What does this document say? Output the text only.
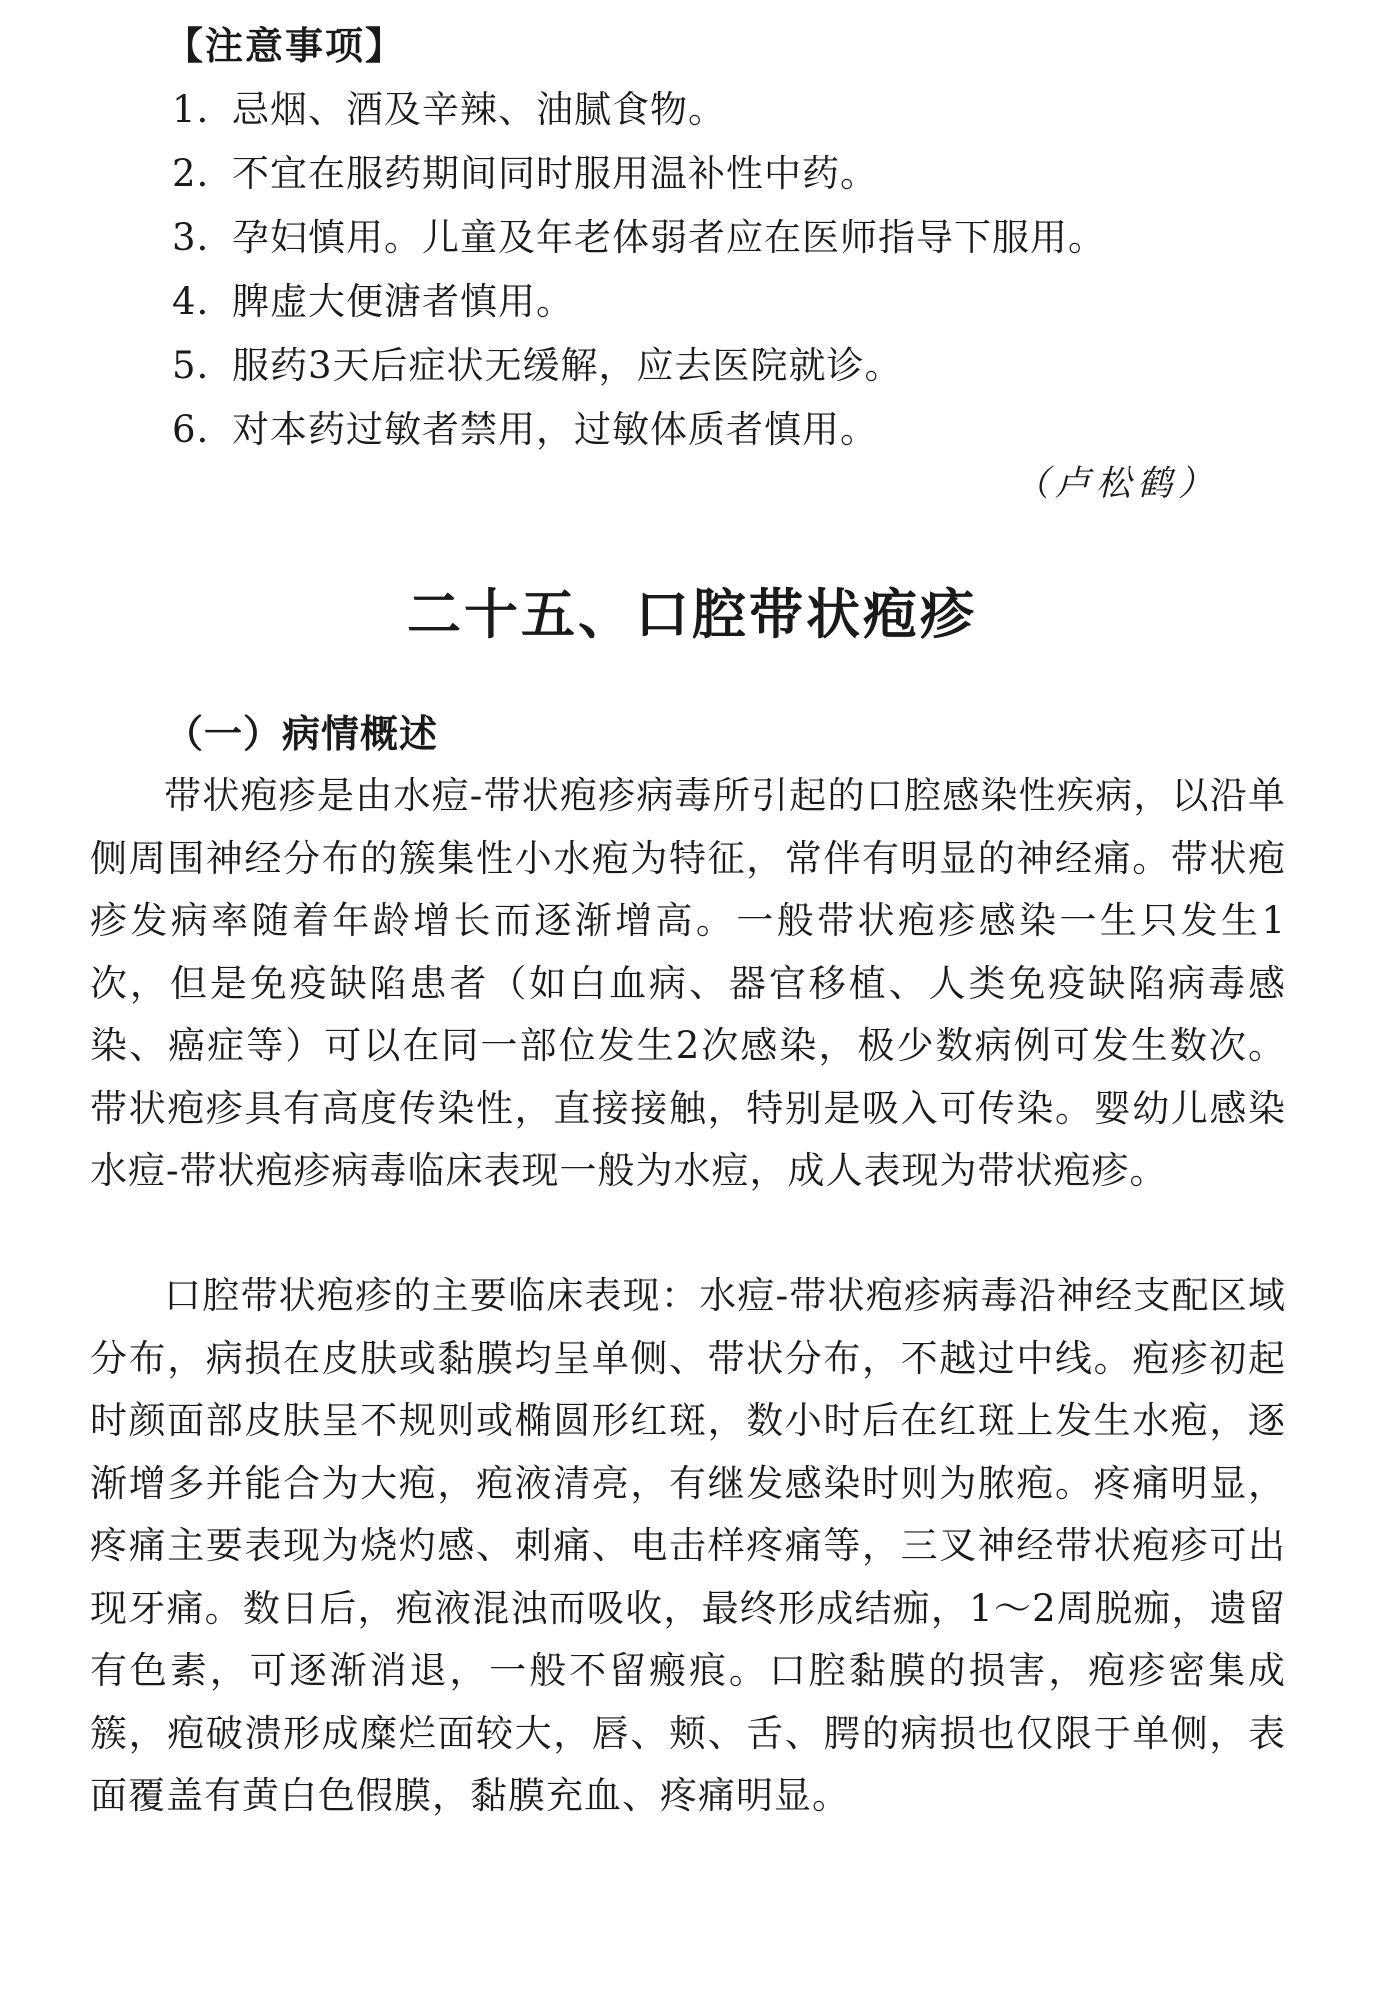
【注意事项】
1. 忌烟、酒及辛辣、油腻食物。
2. 不宜在服药期间同时服用温补性中药。
3. 孕妇慎用。儿童及年老体弱者应在医师指导下服用。
4. 脾虚大便溏者慎用。
5. 服药3天后症状无缓解，应去医院就诊。
6. 对本药过敏者禁用，过敏体质者慎用。
（卢松鹤）
二十五、口腔带状疱疹
（一）病情概述

带状疱疹是由水痘-带状疱疹病毒所引起的口腔感染性疾病，以沿单侧周围神经分布的簇集性小水疱为特征，常伴有明显的神经痛。带状疱疹发病率随着年龄增长而逐渐增高。一般带状疱疹感染一生只发生1次，但是免疫缺陷患者（如白血病、器官移植、人类免疫缺陷病毒感染、癌症等）可以在同一部位发生2次感染，极少数病例可发生数次。带状疱疹具有高度传染性，直接接触，特别是吸入可传染。婴幼儿感染水痘-带状疱疹病毒临床表现一般为水痘，成人表现为带状疱疹。

口腔带状疱疹的主要临床表现：水痘-带状疱疹病毒沿神经支配区域分布，病损在皮肤或黏膜均呈单侧、带状分布，不越过中线。疱疹初起时颜面部皮肤呈不规则或椭圆形红斑，数小时后在红斑上发生水疱，逐渐增多并能合为大疱，疱液清亮，有继发感染时则为脓疱。疼痛明显，疼痛主要表现为烧灼感、刺痛、电击样疼痛等，三叉神经带状疱疹可出现牙痛。数日后，疱液混浊而吸收，最终形成结痂，1～2周脱痂，遗留有色素，可逐渐消退，一般不留瘢痕。口腔黏膜的损害，疱疹密集成簇，疱破溃形成糜烂面较大，唇、颊、舌、腭的病损也仅限于单侧，表面覆盖有黄白色假膜，黏膜充血、疼痛明显。
